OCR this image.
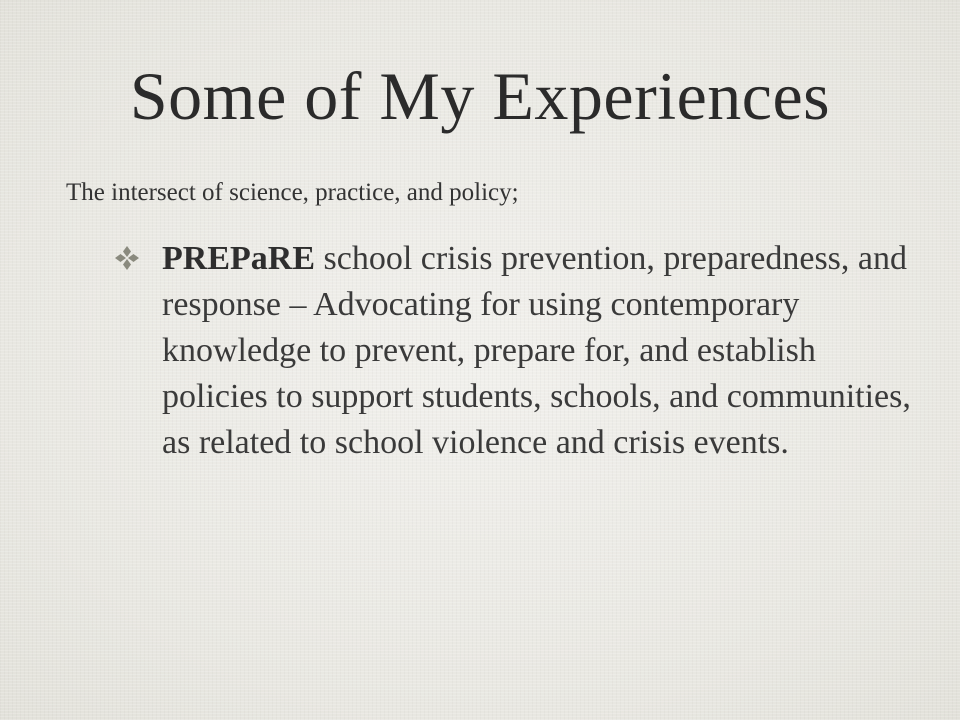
Some of My Experiences

The intersect of science, practice, and policy;

PREPaRE school crisis prevention, preparedness, and response – Advocating for using contemporary knowledge to prevent, prepare for, and establish policies to support students, schools, and communities, as related to school violence and crisis events.
